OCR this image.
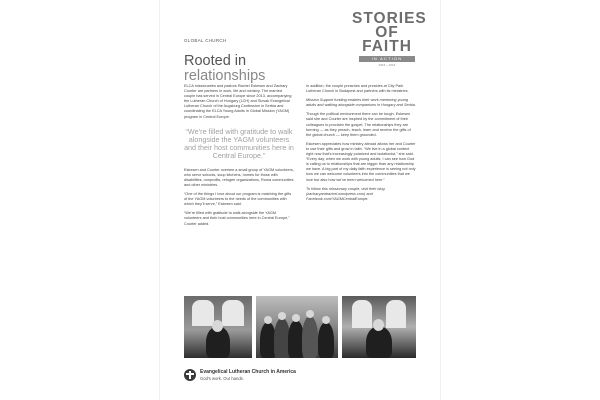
GLOBAL CHURCH
Rooted in
relationships
STORIES
OF FAITH
IN ACTION
2015 – 2016

ELCA missionaries and pastors Rachel Eskesen and Zachary Courter are partners in work, life and ministry. The married couple has served in Central Europe since 2013, accompanying the Lutheran Church of Hungary (LCH) and Slovak Evangelical Lutheran Church of the Augsburg Confession in Serbia and coordinating the ELCA Young Adults in Global Mission (YAGM) program in Central Europe.

“We’re filled with gratitude to walk alongside the YAGM volunteers and their host communities here in Central Europe.”

Eskesen and Courter oversee a small group of YAGM volunteers, who serve schools, soup kitchens, homes for those with disabilities, nonprofits, refugee organizations, Roma communities and other ministries.

“One of the things I love about our program is matching the gifts of the YAGM volunteers to the needs of the communities with which they’ll serve,” Eskesen said.

“We’re filled with gratitude to walk alongside the YAGM volunteers and their host communities here in Central Europe,” Courter added.

In addition, the couple preaches and presides at City Park Lutheran Church in Budapest and partners with its ministries.

Mission Support funding enables their work mentoring young adults and walking alongside companions in Hungary and Serbia.

Though the political environment there can be tough, Eskesen said she and Courter are inspired by the commitment of their colleagues to proclaim the gospel. The relationships they are forming — as they preach, teach, learn and receive the gifts of the global church — keep them grounded.

Eskesen appreciates how ministry abroad allows her and Courter to use their gifts and grow in faith. “We live in a global context right now that’s increasingly polarized and isolationist,” she said. “Every day, when we work with young adults, I can see how God is calling us to relationships that are bigger than any relationship we have. A big part of my daily faith experience is seeing not only how we can welcome volunteers into the communities that we love but also how we’ve been welcomed here.”

To follow this missionary couple, visit their blog (zacharyandrachel.wordpress.com) and Facebook.com/YAGMCentralEurope.

Evangelical Lutheran Church in America
God’s work. Our hands.
